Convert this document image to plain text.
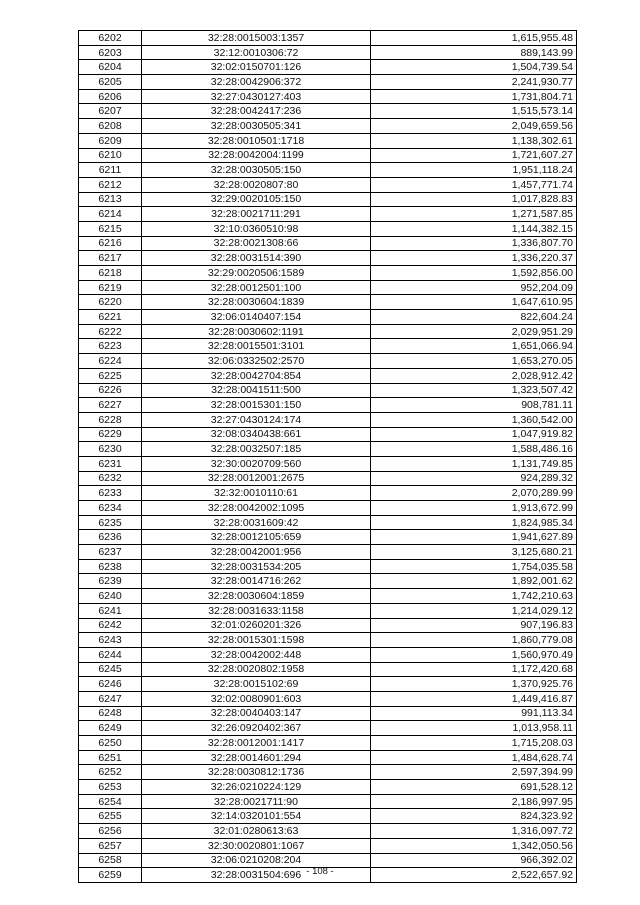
6202	32:28:0015003:1357	1,615,955.48
6203	32:12:0010306:72	889,143.99
6204	32:02:0150701:126	1,504,739.54
6205	32:28:0042906:372	2,241,930.77
6206	32:27:0430127:403	1,731,804.71
6207	32:28:0042417:236	1,515,573.14
6208	32:28:0030505:341	2,049,659.56
6209	32:28:0010501:1718	1,138,302.61
6210	32:28:0042004:1199	1,721,607.27
6211	32:28:0030505:150	1,951,118.24
6212	32:28:0020807:80	1,457,771.74
6213	32:29:0020105:150	1,017,828.83
6214	32:28:0021711:291	1,271,587.85
6215	32:10:0360510:98	1,144,382.15
6216	32:28:0021308:66	1,336,807.70
6217	32:28:0031514:390	1,336,220.37
6218	32:29:0020506:1589	1,592,856.00
6219	32:28:0012501:100	952,204.09
6220	32:28:0030604:1839	1,647,610.95
6221	32:06:0140407:154	822,604.24
6222	32:28:0030602:1191	2,029,951.29
6223	32:28:0015501:3101	1,651,066.94
6224	32:06:0332502:2570	1,653,270.05
6225	32:28:0042704:854	2,028,912.42
6226	32:28:0041511:500	1,323,507.42
6227	32:28:0015301:150	908,781.11
6228	32:27:0430124:174	1,360,542.00
6229	32:08:0340438:661	1,047,919.82
6230	32:28:0032507:185	1,588,486.16
6231	32:30:0020709:560	1,131,749.85
6232	32:28:0012001:2675	924,289.32
6233	32:32:0010110:61	2,070,289.99
6234	32:28:0042002:1095	1,913,672.99
6235	32:28:0031609:42	1,824,985.34
6236	32:28:0012105:659	1,941,627.89
6237	32:28:0042001:956	3,125,680.21
6238	32:28:0031534:205	1,754,035.58
6239	32:28:0014716:262	1,892,001.62
6240	32:28:0030604:1859	1,742,210.63
6241	32:28:0031633:1158	1,214,029.12
6242	32:01:0260201:326	907,196.83
6243	32:28:0015301:1598	1,860,779.08
6244	32:28:0042002:448	1,560,970.49
6245	32:28:0020802:1958	1,172,420.68
6246	32:28:0015102:69	1,370,925.76
6247	32:02:0080901:603	1,449,416.87
6248	32:28:0040403:147	991,113.34
6249	32:26:0920402:367	1,013,958.11
6250	32:28:0012001:1417	1,715,208.03
6251	32:28:0014601:294	1,484,628.74
6252	32:28:0030812:1736	2,597,394.99
6253	32:26:0210224:129	691,528.12
6254	32:28:0021711:90	2,186,997.95
6255	32:14:0320101:554	824,323.92
6256	32:01:0280613:63	1,316,097.72
6257	32:30:0020801:1067	1,342,050.56
6258	32:06:0210208:204	966,392.02
6259	32:28:0031504:696	2,522,657.92
- 108 -
